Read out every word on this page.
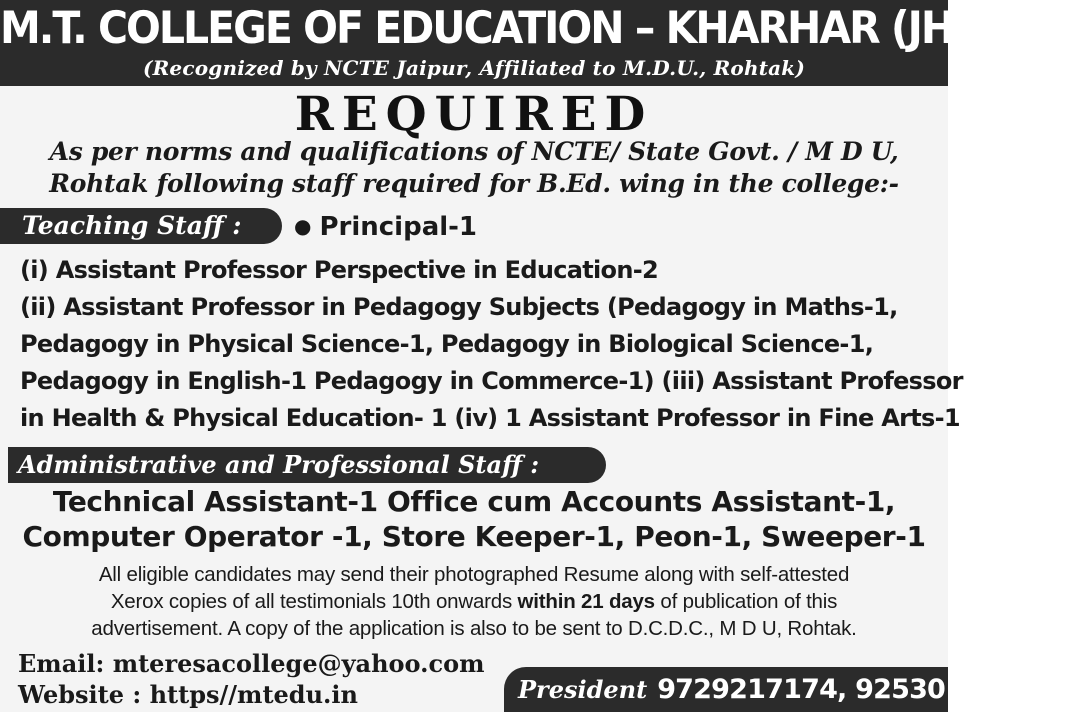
M.T. COLLEGE OF EDUCATION – KHARHAR (JHAJJAR)
(Recognized by NCTE Jaipur, Affiliated to M.D.U., Rohtak)
REQUIRED
As per norms and qualifications of NCTE/ State Govt. / M D U,
Rohtak following staff required for B.Ed. wing in the college:-
Teaching Staff :	● Principal-1
(i) Assistant Professor Perspective in Education-2
(ii) Assistant Professor in Pedagogy Subjects (Pedagogy in Maths-1,
Pedagogy in Physical Science-1, Pedagogy in Biological Science-1,
Pedagogy in English-1 Pedagogy in Commerce-1) (iii) Assistant Professor
in Health & Physical Education- 1 (iv) 1 Assistant Professor in Fine Arts-1
Administrative and Professional Staff :
Technical Assistant-1 Office cum Accounts Assistant-1,
Computer Operator -1, Store Keeper-1, Peon-1, Sweeper-1
All eligible candidates may send their photographed Resume along with self-attested
Xerox copies of all testimonials 10th onwards within 21 days of publication of this
advertisement. A copy of the application is also to be sent to D.C.D.C., M D U, Rohtak.
Email: mteresacollege@yahoo.com
Website : https//mtedu.in	President 9729217174, 9253017174
